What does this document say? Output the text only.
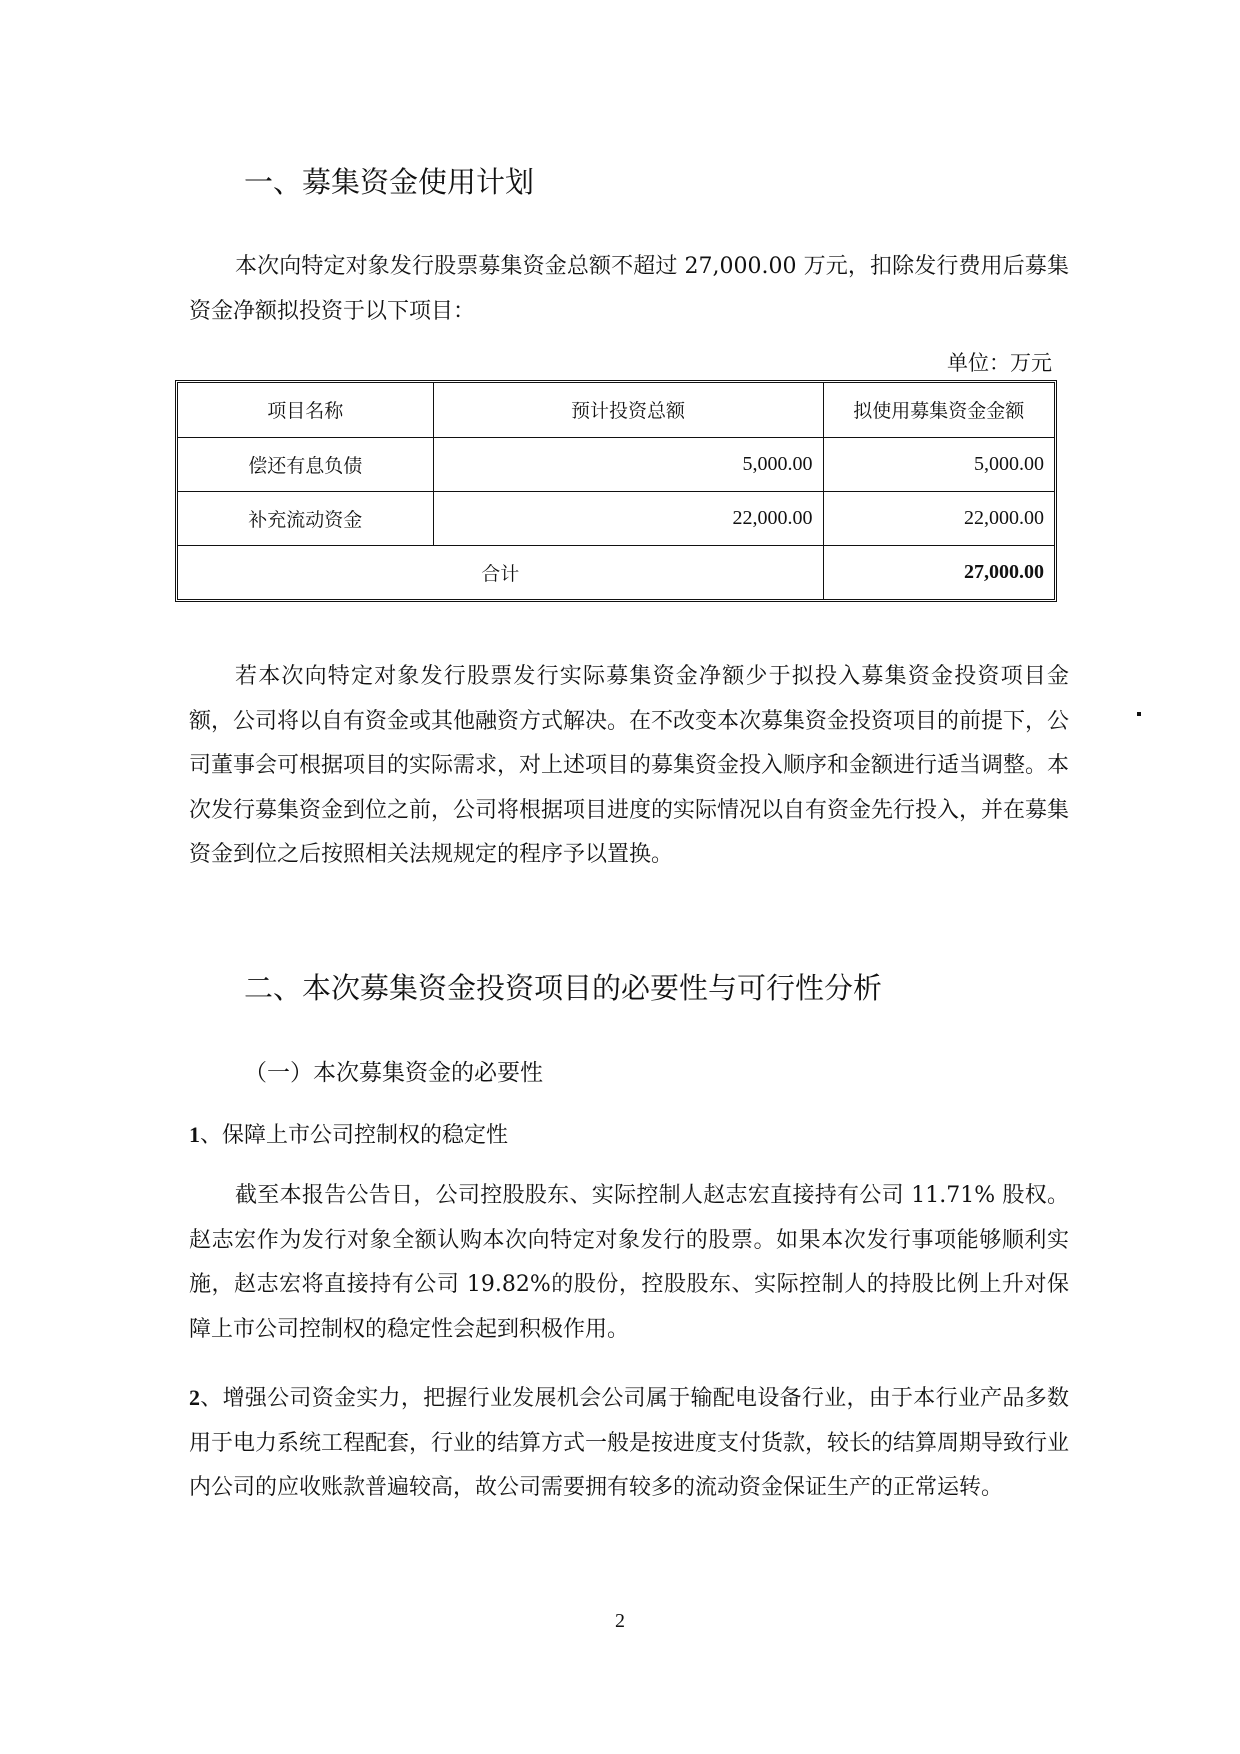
一、募集资金使用计划

本次向特定对象发行股票募集资金总额不超过 27,000.00 万元，扣除发行费用后募集资金净额拟投资于以下项目：

单位：万元

项目名称	预计投资总额	拟使用募集资金金额
偿还有息负债	5,000.00	5,000.00
补充流动资金	22,000.00	22,000.00
合计		27,000.00

若本次向特定对象发行股票发行实际募集资金净额少于拟投入募集资金投资项目金额，公司将以自有资金或其他融资方式解决。在不改变本次募集资金投资项目的前提下，公司董事会可根据项目的实际需求，对上述项目的募集资金投入顺序和金额进行适当调整。本次发行募集资金到位之前，公司将根据项目进度的实际情况以自有资金先行投入，并在募集资金到位之后按照相关法规规定的程序予以置换。

二、本次募集资金投资项目的必要性与可行性分析
（一）本次募集资金的必要性

1、保障上市公司控制权的稳定性

截至本报告公告日，公司控股股东、实际控制人赵志宏直接持有公司 11.71% 股权。赵志宏作为发行对象全额认购本次向特定对象发行的股票。如果本次发行事项能够顺利实施，赵志宏将直接持有公司 19.82%的股份，控股股东、实际控制人的持股比例上升对保障上市公司控制权的稳定性会起到积极作用。

2、增强公司资金实力，把握行业发展机会公司属于输配电设备行业，由于本行业产品多数用于电力系统工程配套，行业的结算方式一般是按进度支付货款，较长的结算周期导致行业内公司的应收账款普遍较高，故公司需要拥有较多的流动资金保证生产的正常运转。

2
